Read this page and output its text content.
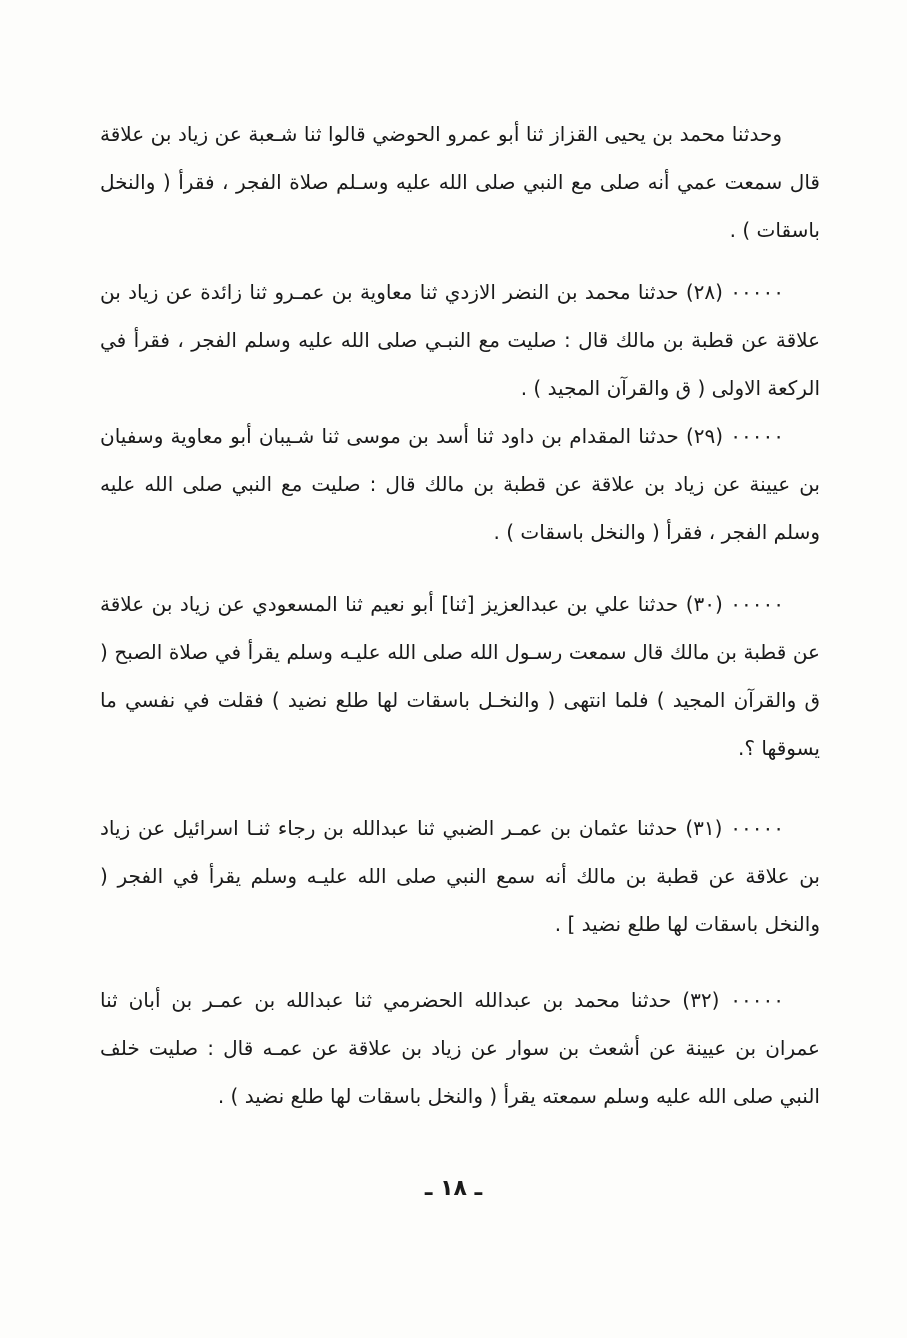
وحدثنا محمد بن يحيى القزاز ثنا أبو عمرو الحوضي قالوا ثنا شـعبة عن زياد بن علاقة قال سمعت عمي أنه صلى مع النبي صلى الله عليه وسـلم صلاة الفجر ، فقرأ ( والنخل باسقات ) .

٠٠٠٠٠ (٢٨) حدثنا محمد بن النضر الازدي ثنا معاوية بن عمـرو ثنا زائدة عن زياد بن علاقة عن قطبة بن مالك قال : صليت مع النبـي صلى الله عليه وسلم الفجر ، فقرأ في الركعة الاولى ( ق والقرآن المجيد ) .

٠٠٠٠٠ (٢٩) حدثنا المقدام بن داود ثنا أسد بن موسى ثنا شـيبان أبو معاوية وسفيان بن عيينة عن زياد بن علاقة عن قطبة بن مالك قال : صليت مع النبي صلى الله عليه وسلم الفجر ، فقرأ ( والنخل باسقات ) .

٠٠٠٠٠ (٣٠) حدثنا علي بن عبدالعزيز [ثنا] أبو نعيم ثنا المسعودي عن زياد بن علاقة عن قطبة بن مالك قال سمعت رسـول الله صلى الله عليـه وسلم يقرأ في صلاة الصبح ( ق والقرآن المجيد ) فلما انتهى ( والنخـل باسقات لها طلع نضيد ) فقلت في نفسي ما يسوقها ؟.

٠٠٠٠٠ (٣١) حدثنا عثمان بن عمـر الضبي ثنا عبدالله بن رجاء ثنـا اسرائيل عن زياد بن علاقة عن قطبة بن مالك أنه سمع النبي صلى الله عليـه وسلم يقرأ في الفجر ( والنخل باسقات لها طلع نضيد ] .

٠٠٠٠٠ (٣٢) حدثنا محمد بن عبدالله الحضرمي ثنا عبدالله بن عمـر بن أبان ثنا عمران بن عيينة عن أشعث بن سوار عن زياد بن علاقة عن عمـه قال : صليت خلف النبي صلى الله عليه وسلم سمعته يقرأ ( والنخل باسقات لها طلع نضيد ) .

ـ ١٨ ـ
